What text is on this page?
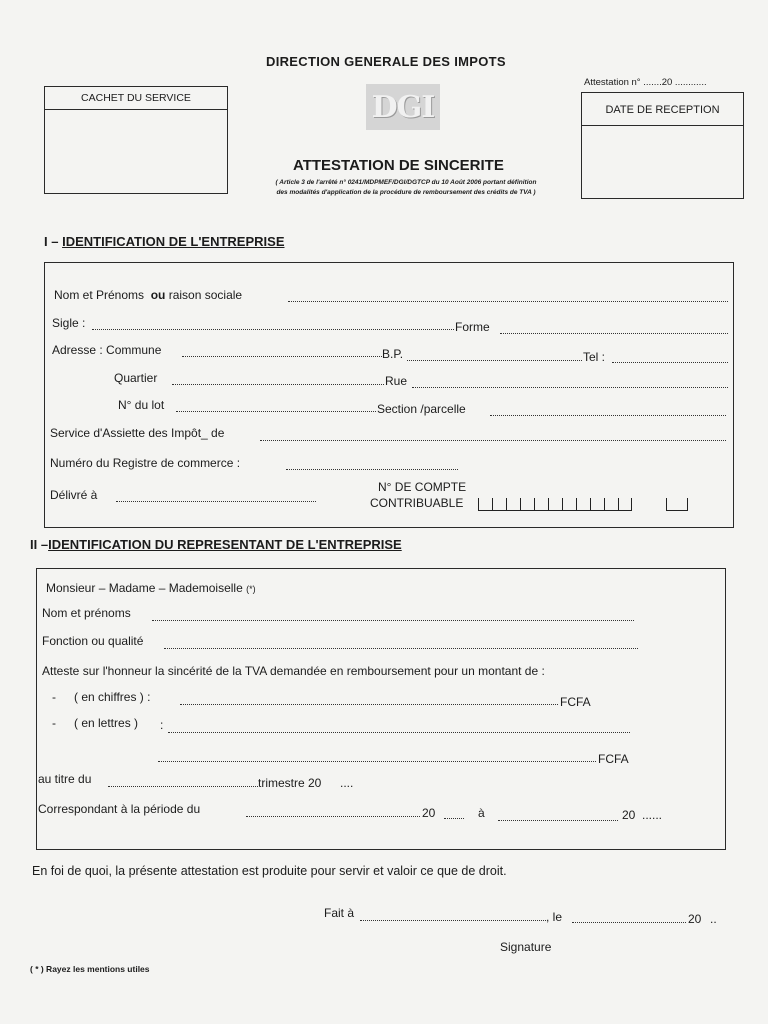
DIRECTION GENERALE DES IMPOTS
Attestation n° .......20 ............
CACHET DU SERVICE
DATE DE RECEPTION
DGI
ATTESTATION DE SINCERITE
( Article 3 de l'arrêté n° 0241/MDPMEF/DGI/DGTCP du 10 Août 2006 portant définition
des modalités d'application de la procédure de remboursement des crédits de TVA )
I – IDENTIFICATION DE L'ENTREPRISE
Nom et Prénoms ou raison sociale
Sigle :	Forme
Adresse : Commune	B.P.	Tel :
Quartier	Rue
N° du lot	Section /parcelle
Service d'Assiette des Impôt_ de
Numéro du Registre de commerce :
Délivré à
N° DE COMPTE
CONTRIBUABLE
II –IDENTIFICATION DU REPRESENTANT DE L'ENTREPRISE
Monsieur – Madame – Mademoiselle (*)
Nom et prénoms
Fonction ou qualité
Atteste sur l'honneur la sincérité de la TVA demandée en remboursement pour un montant de :
- ( en chiffres ) :	FCFA
- ( en lettres ) :
FCFA
au titre du	trimestre 20 ....
Correspondant à la période du	20	à	20 ......
En foi de quoi, la présente attestation est produite pour servir et valoir ce que de droit.
Fait à	, le	20 ..
Signature
( * ) Rayez les mentions utiles
